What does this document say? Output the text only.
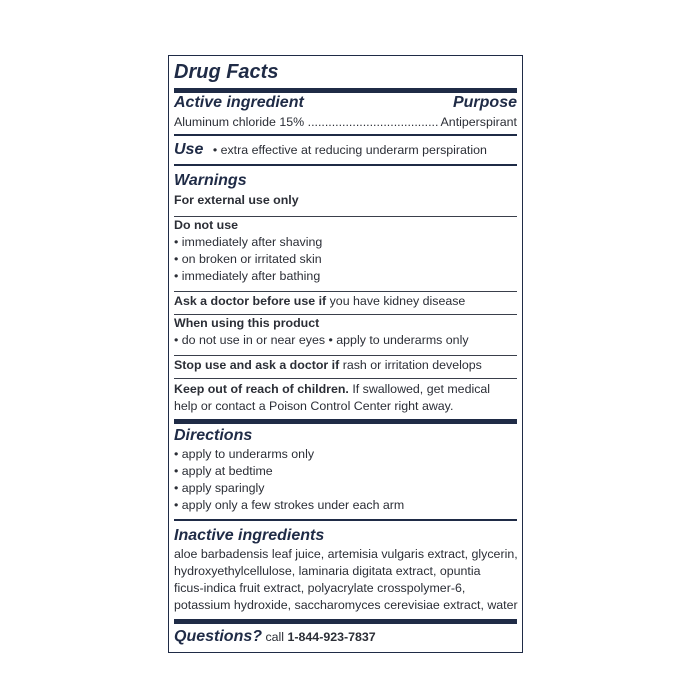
Drug Facts
Active ingredient	Purpose
Aluminum chloride 15% ...................................... Antiperspirant
Use • extra effective at reducing underarm perspiration
Warnings
For external use only
Do not use
• immediately after shaving
• on broken or irritated skin
• immediately after bathing
Ask a doctor before use if you have kidney disease
When using this product
• do not use in or near eyes • apply to underarms only
Stop use and ask a doctor if rash or irritation develops
Keep out of reach of children. If swallowed, get medical
help or contact a Poison Control Center right away.
Directions
• apply to underarms only
• apply at bedtime
• apply sparingly
• apply only a few strokes under each arm
Inactive ingredients
aloe barbadensis leaf juice, artemisia vulgaris extract, glycerin,
hydroxyethylcellulose, laminaria digitata extract, opuntia
ficus-indica fruit extract, polyacrylate crosspolymer-6,
potassium hydroxide, saccharomyces cerevisiae extract, water
Questions? call 1-844-923-7837
